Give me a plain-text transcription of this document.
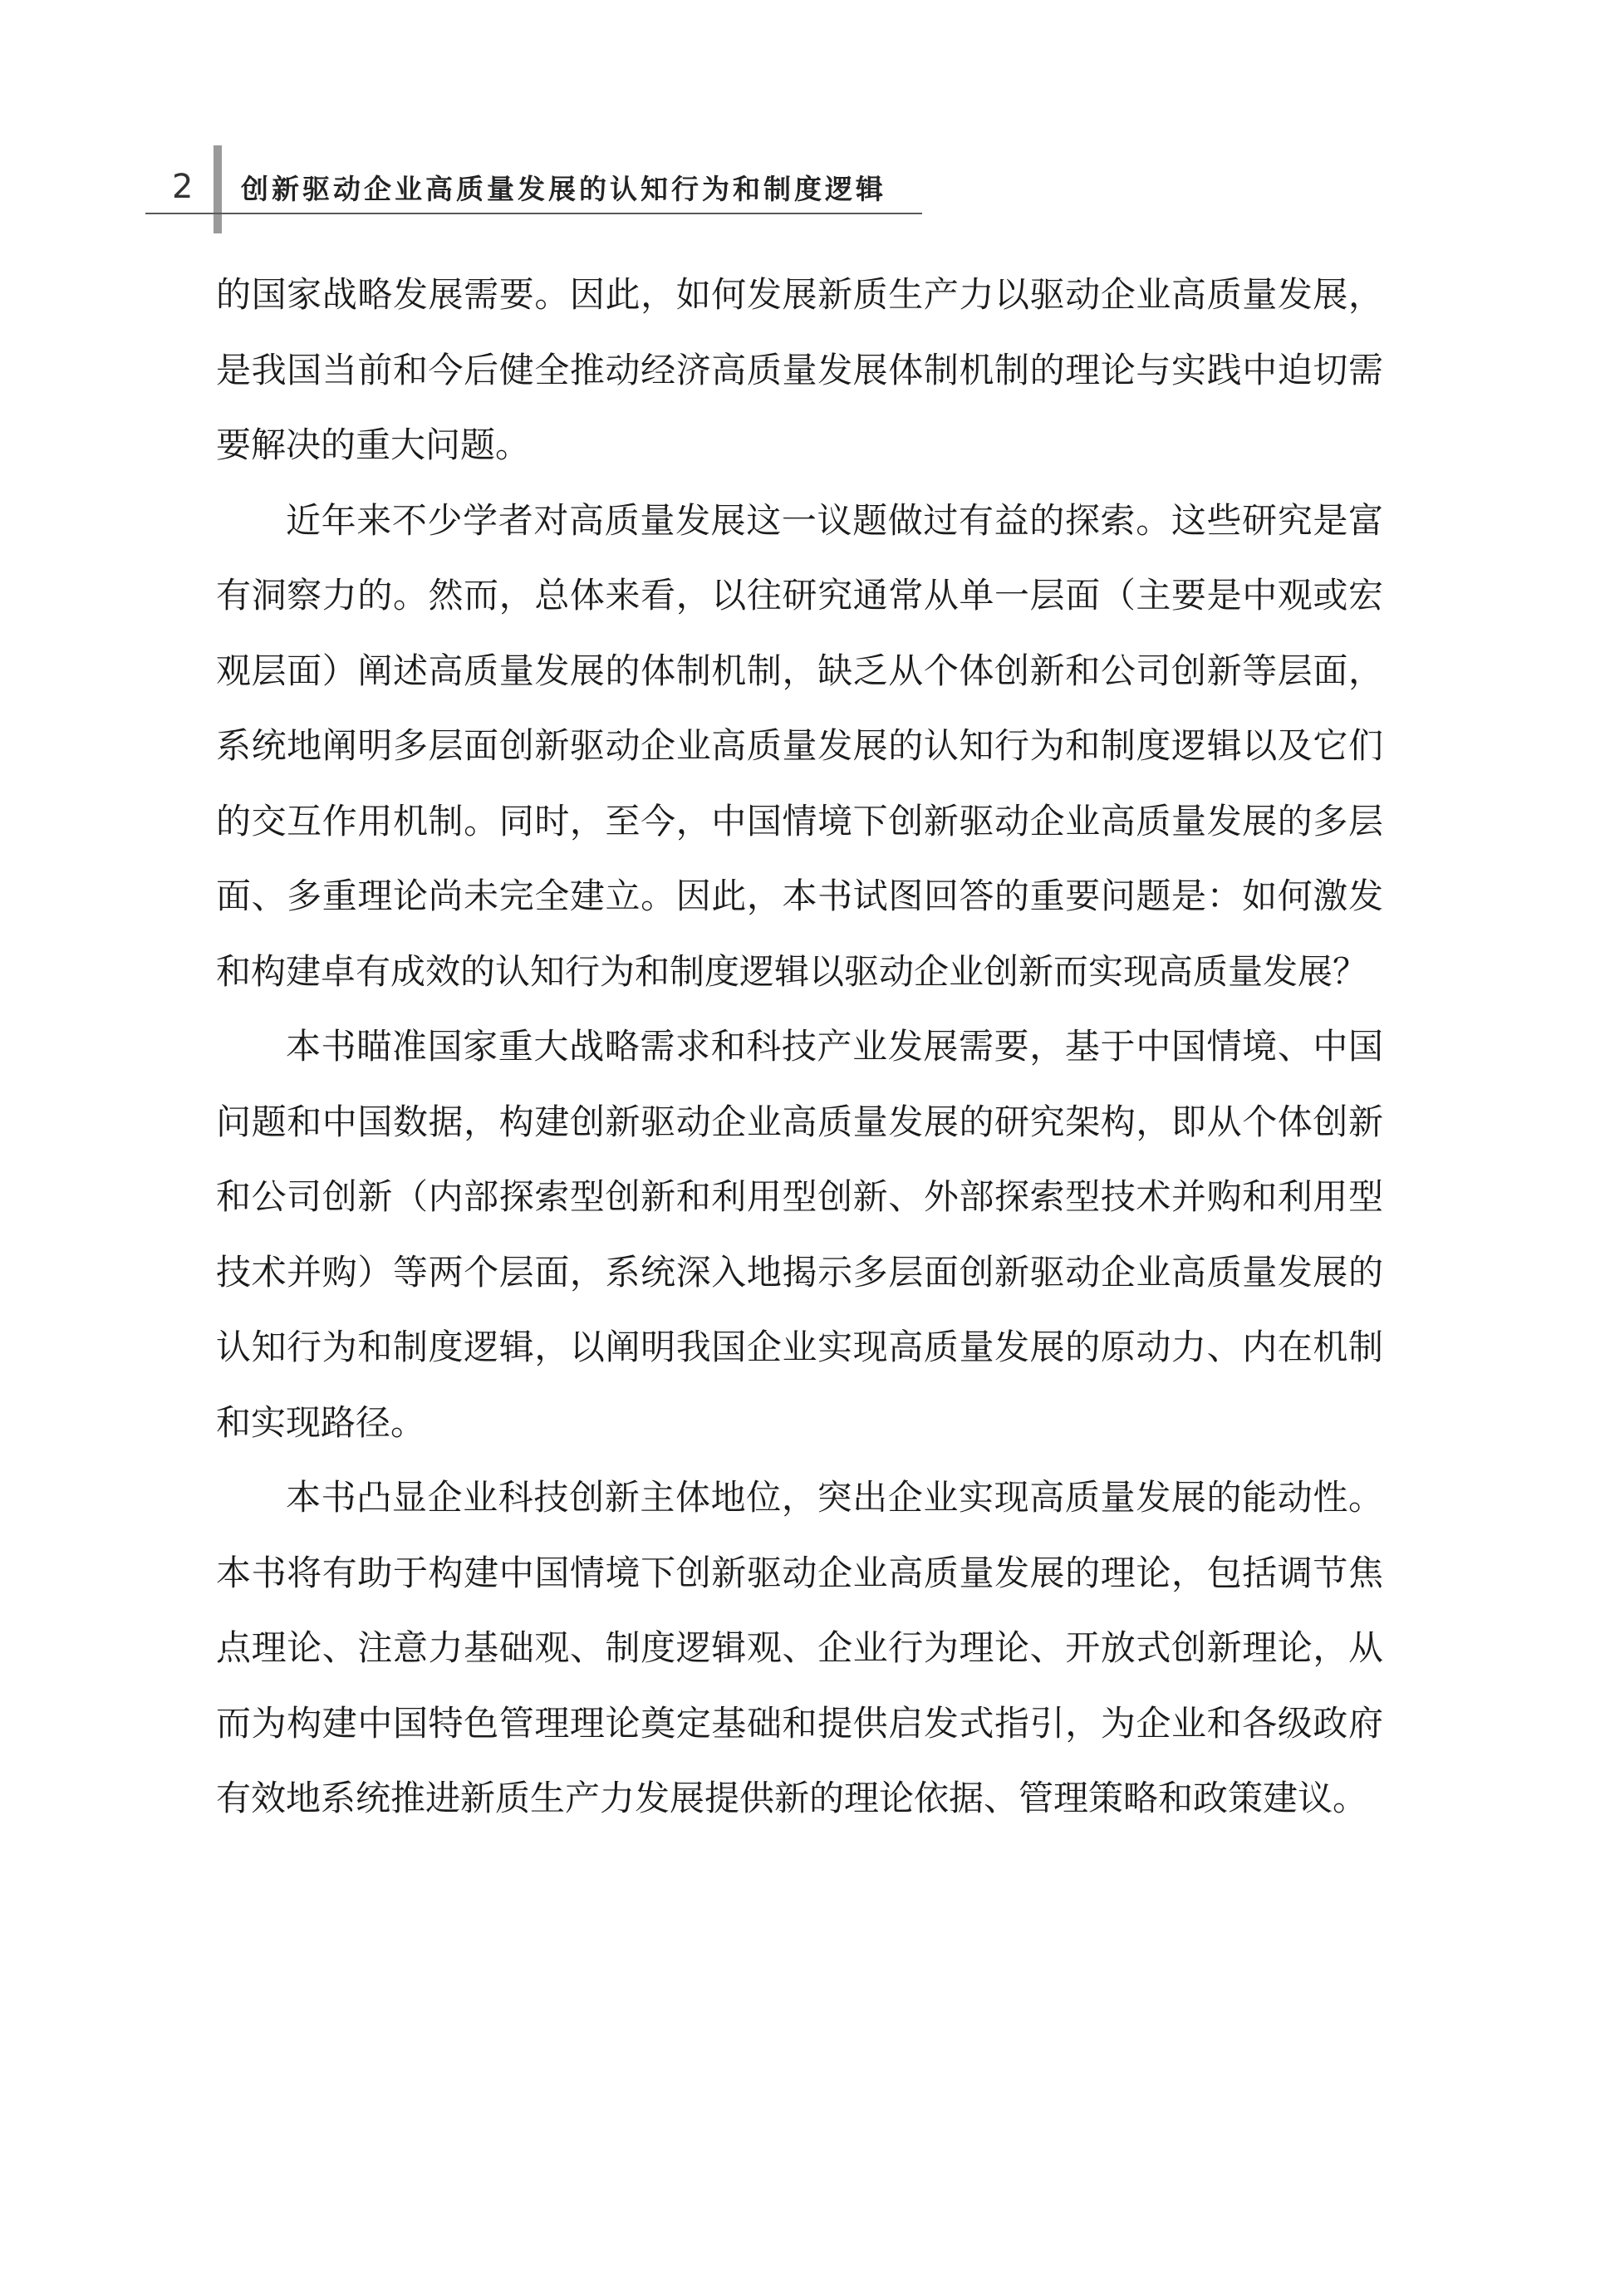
2 创新驱动企业高质量发展的认知行为和制度逻辑

的国家战略发展需要。因此，如何发展新质生产力以驱动企业高质量发展，是我国当前和今后健全推动经济高质量发展体制机制的理论与实践中迫切需要解决的重大问题。

近年来不少学者对高质量发展这一议题做过有益的探索。这些研究是富有洞察力的。然而，总体来看，以往研究通常从单一层面（主要是中观或宏观层面）阐述高质量发展的体制机制，缺乏从个体创新和公司创新等层面，系统地阐明多层面创新驱动企业高质量发展的认知行为和制度逻辑以及它们的交互作用机制。同时，至今，中国情境下创新驱动企业高质量发展的多层面、多重理论尚未完全建立。因此，本书试图回答的重要问题是：如何激发和构建卓有成效的认知行为和制度逻辑以驱动企业创新而实现高质量发展？

本书瞄准国家重大战略需求和科技产业发展需要，基于中国情境、中国问题和中国数据，构建创新驱动企业高质量发展的研究架构，即从个体创新和公司创新（内部探索型创新和利用型创新、外部探索型技术并购和利用型技术并购）等两个层面，系统深入地揭示多层面创新驱动企业高质量发展的认知行为和制度逻辑，以阐明我国企业实现高质量发展的原动力、内在机制和实现路径。

本书凸显企业科技创新主体地位，突出企业实现高质量发展的能动性。本书将有助于构建中国情境下创新驱动企业高质量发展的理论，包括调节焦点理论、注意力基础观、制度逻辑观、企业行为理论、开放式创新理论，从而为构建中国特色管理理论奠定基础和提供启发式指引，为企业和各级政府有效地系统推进新质生产力发展提供新的理论依据、管理策略和政策建议。
